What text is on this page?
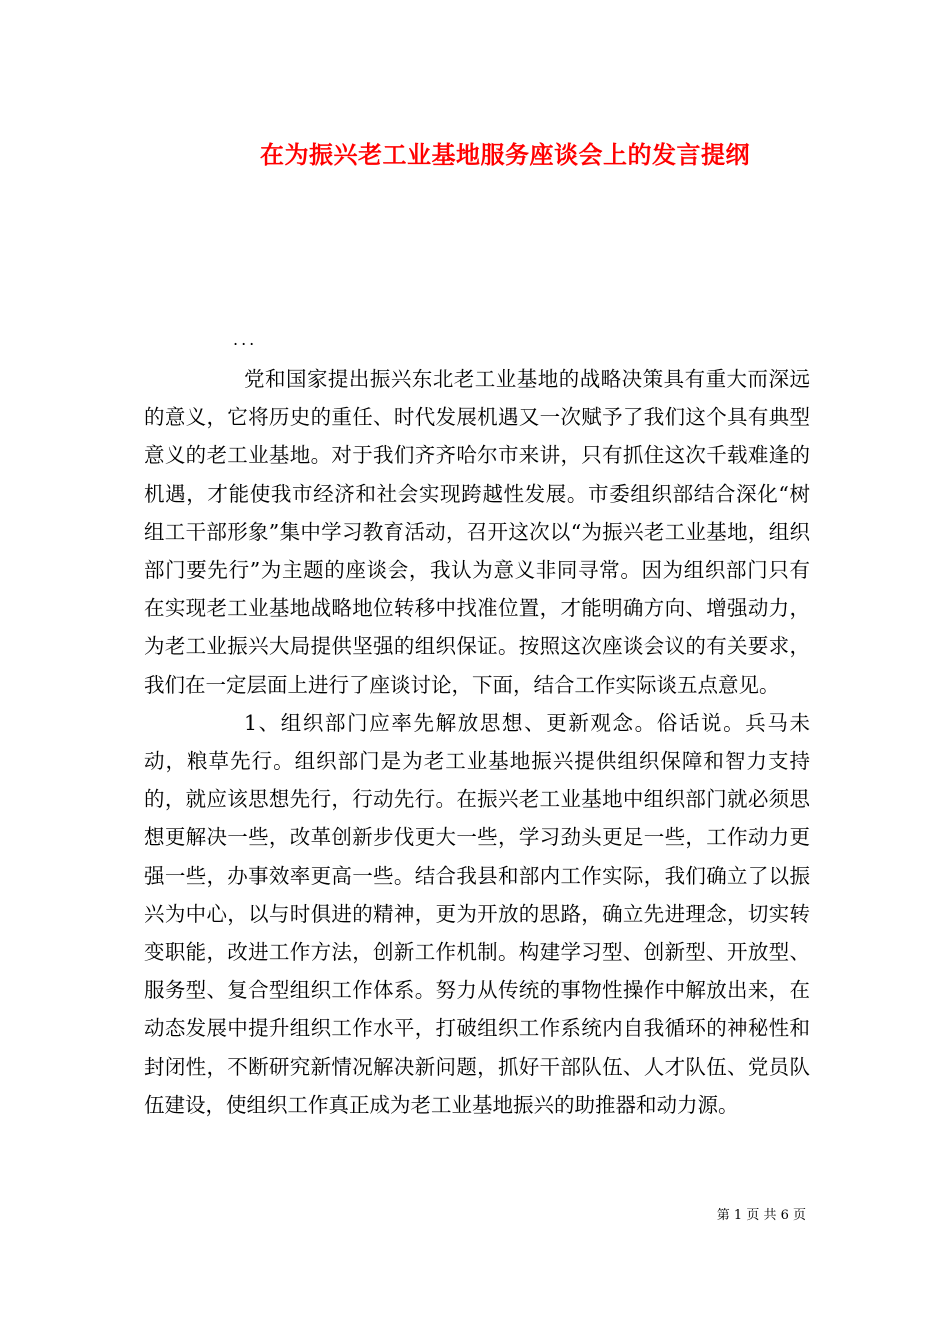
在为振兴老工业基地服务座谈会上的发言提纲
...

党和国家提出振兴东北老工业基地的战略决策具有重大而深远的意义，它将历史的重任、时代发展机遇又一次赋予了我们这个具有典型意义的老工业基地。对于我们齐齐哈尔市来讲，只有抓住这次千载难逢的机遇，才能使我市经济和社会实现跨越性发展。市委组织部结合深化“树组工干部形象”集中学习教育活动，召开这次以“为振兴老工业基地，组织部门要先行”为主题的座谈会，我认为意义非同寻常。因为组织部门只有在实现老工业基地战略地位转移中找准位置，才能明确方向、增强动力，为老工业振兴大局提供坚强的组织保证。按照这次座谈会议的有关要求，我们在一定层面上进行了座谈讨论，下面，结合工作实际谈五点意见。

1、组织部门应率先解放思想、更新观念。俗话说。兵马未动，粮草先行。组织部门是为老工业基地振兴提供组织保障和智力支持的，就应该思想先行，行动先行。在振兴老工业基地中组织部门就必须思想更解决一些，改革创新步伐更大一些，学习劲头更足一些，工作动力更强一些，办事效率更高一些。结合我县和部内工作实际，我们确立了以振兴为中心，以与时俱进的精神，更为开放的思路，确立先进理念，切实转变职能，改进工作方法，创新工作机制。构建学习型、创新型、开放型、服务型、复合型组织工作体系。努力从传统的事物性操作中解放出来，在动态发展中提升组织工作水平，打破组织工作系统内自我循环的神秘性和封闭性，不断研究新情况解决新问题，抓好干部队伍、人才队伍、党员队伍建设，使组织工作真正成为老工业基地振兴的助推器和动力源。

第 1 页 共 6 页
